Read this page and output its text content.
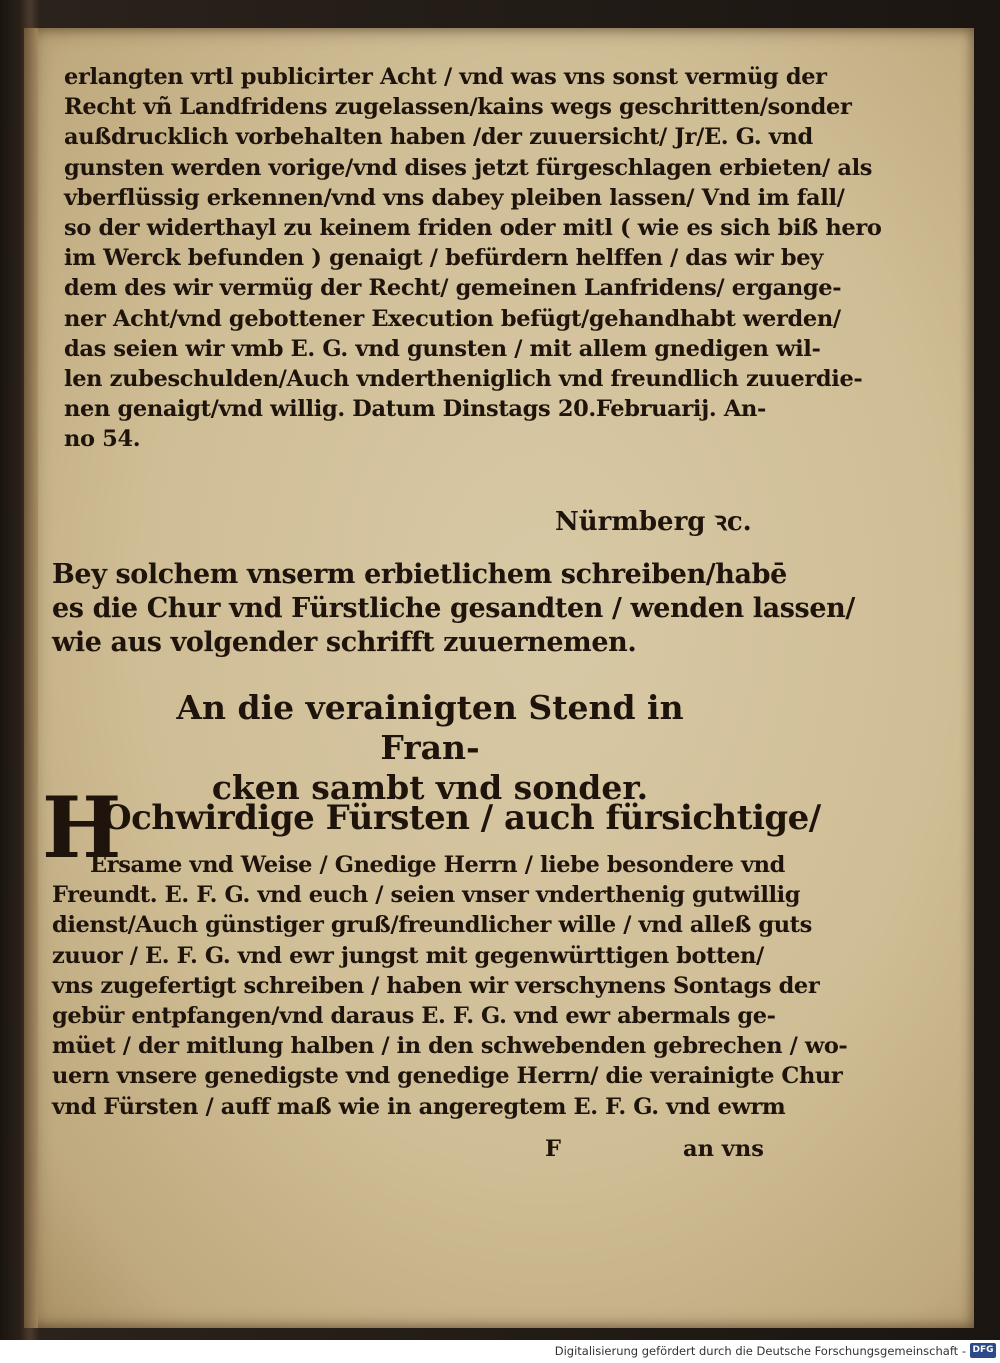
erlangten vrtl publicirter Acht / vnd was vns sonst vermüg der
Recht vñ Landfridens zugelassen/kains wegs geschritten/sonder
außdrucklich vorbehalten haben /der zuuersicht/ Jr/E. G. vnd
gunsten werden vorige/vnd dises jetzt fürgeschlagen erbieten/ als
vberflüssig erkennen/vnd vns dabey pleiben lassen/ Vnd im fall/
so der widerthayl zu keinem friden oder mitl ( wie es sich biß hero
im Werck befunden ) genaigt / befürdern helffen / das wir bey
dem des wir vermüg der Recht/ gemeinen Lanfridens/ ergange-
ner Acht/vnd gebottener Execution befügt/gehandhabt werden/
das seien wir vmb E. G. vnd gunsten / mit allem gnedigen wil-
len zubeschulden/Auch vndertheniglich vnd freundlich zuuerdie-
nen genaigt/vnd willig. Datum Dinstags 20.Februarij. An-
no 54.
Nürmberg ꝛc.
Bey solchem vnserm erbietlichem schreiben/habē
es die Chur vnd Fürstliche gesandten / wenden lassen/
wie aus volgender schrifft zuuernemen.
An die verainigten Stend in Fran-
cken sambt vnd sonder.
H
Ochwirdige Fürsten / auch fürsichtige/
Ersame vnd Weise / Gnedige Herrn / liebe besondere vnd
Freundt. E. F. G. vnd euch / seien vnser vnderthenig gutwillig
dienst/Auch günstiger gruß/freundlicher wille / vnd alleß guts
zuuor / E. F. G. vnd ewr jungst mit gegenwürttigen botten/
vns zugefertigt schreiben / haben wir verschynens Sontags der
gebür entpfangen/vnd daraus E. F. G. vnd ewr abermals ge-
müet / der mitlung halben / in den schwebenden gebrechen / wo-
uern vnsere genedigste vnd genedige Herrn/ die verainigte Chur
vnd Fürsten / auff maß wie in angeregtem E. F. G. vnd ewrm
F	an vns
Digitalisierung gefördert durch die Deutsche Forschungsgemeinschaft - DFG
